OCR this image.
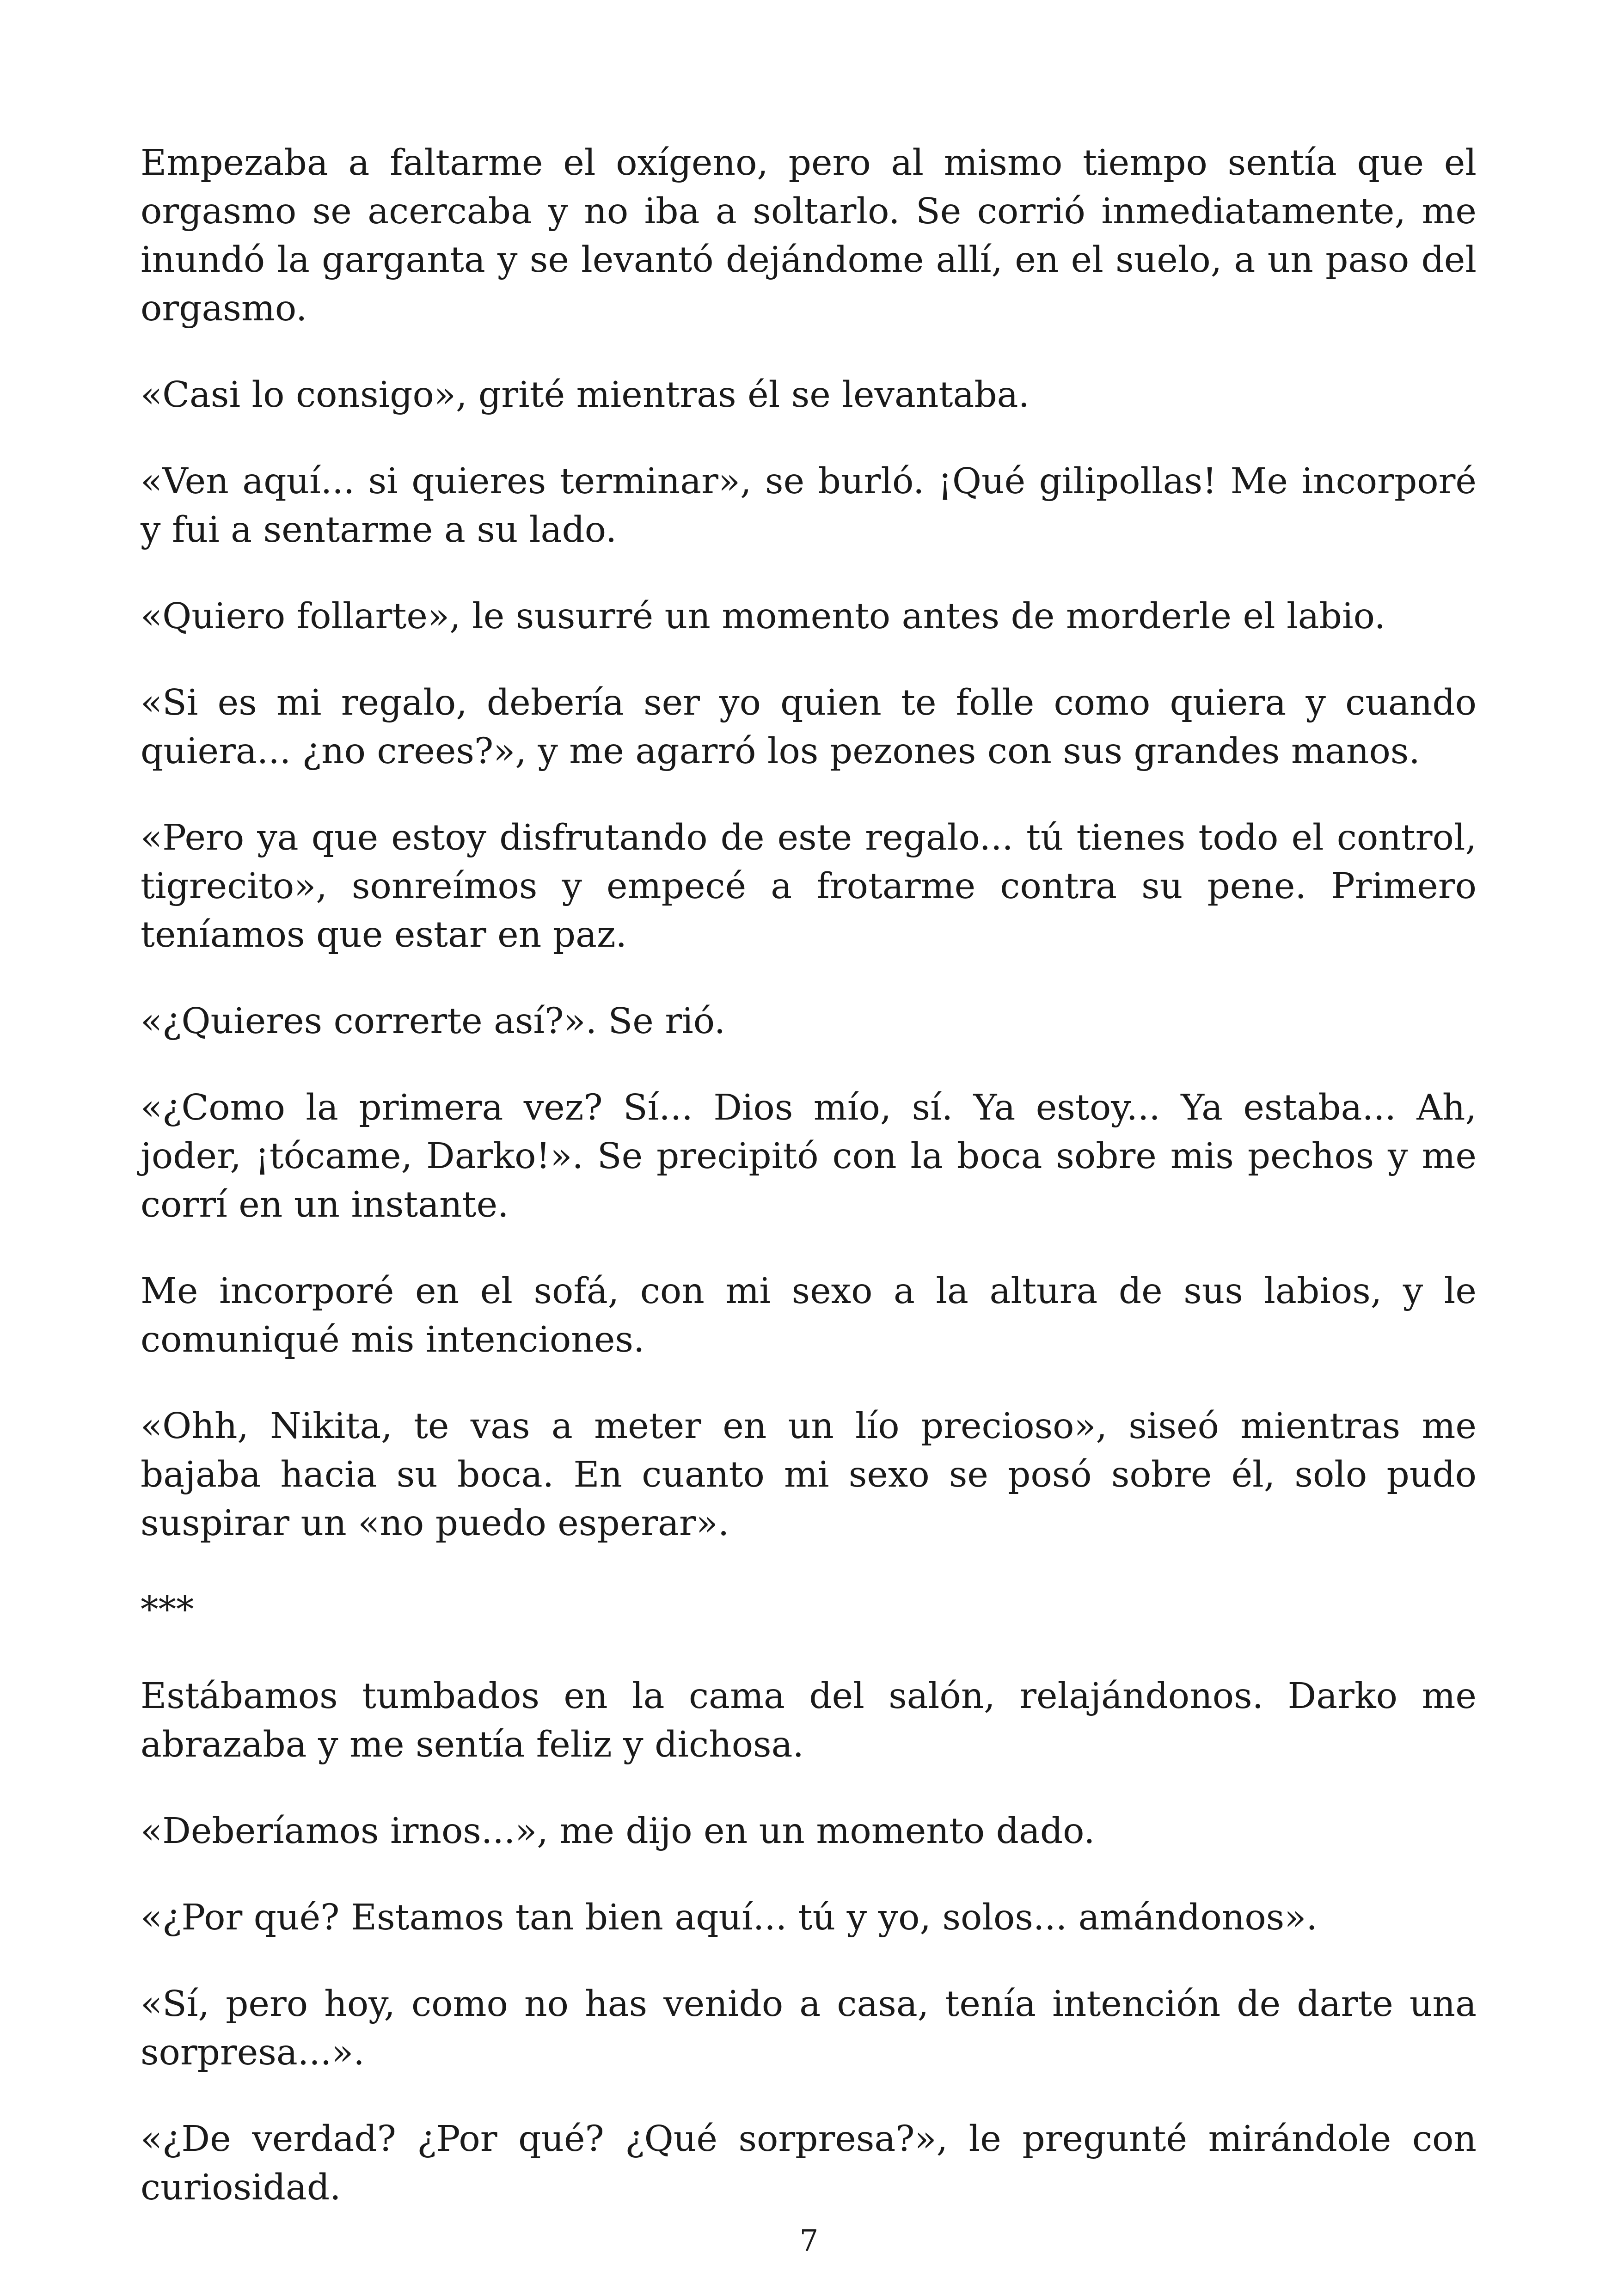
Empezaba a faltarme el oxígeno, pero al mismo tiempo sentía que el orgasmo se acercaba y no iba a soltarlo. Se corrió inmediatamente, me inundó la garganta y se levantó dejándome allí, en el suelo, a un paso del orgasmo.

«Casi lo consigo», grité mientras él se levantaba.

«Ven aquí... si quieres terminar», se burló. ¡Qué gilipollas! Me incorporé y fui a sentarme a su lado.

«Quiero follarte», le susurré un momento antes de morderle el labio.

«Si es mi regalo, debería ser yo quien te folle como quiera y cuando quiera... ¿no crees?», y me agarró los pezones con sus grandes manos.

«Pero ya que estoy disfrutando de este regalo... tú tienes todo el control, tigrecito», sonreímos y empecé a frotarme contra su pene. Primero teníamos que estar en paz.

«¿Quieres correrte así?». Se rió.

«¿Como la primera vez? Sí... Dios mío, sí. Ya estoy... Ya estaba... Ah, joder, ¡tócame, Darko!». Se precipitó con la boca sobre mis pechos y me corrí en un instante.

Me incorporé en el sofá, con mi sexo a la altura de sus labios, y le comuniqué mis intenciones.

«Ohh, Nikita, te vas a meter en un lío precioso», siseó mientras me bajaba hacia su boca. En cuanto mi sexo se posó sobre él, solo pudo suspirar un «no puedo esperar».

***

Estábamos tumbados en la cama del salón, relajándonos. Darko me abrazaba y me sentía feliz y dichosa.

«Deberíamos irnos...», me dijo en un momento dado.

«¿Por qué? Estamos tan bien aquí... tú y yo, solos... amándonos».

«Sí, pero hoy, como no has venido a casa, tenía intención de darte una sorpresa...».

«¿De verdad? ¿Por qué? ¿Qué sorpresa?», le pregunté mirándole con curiosidad.

7
